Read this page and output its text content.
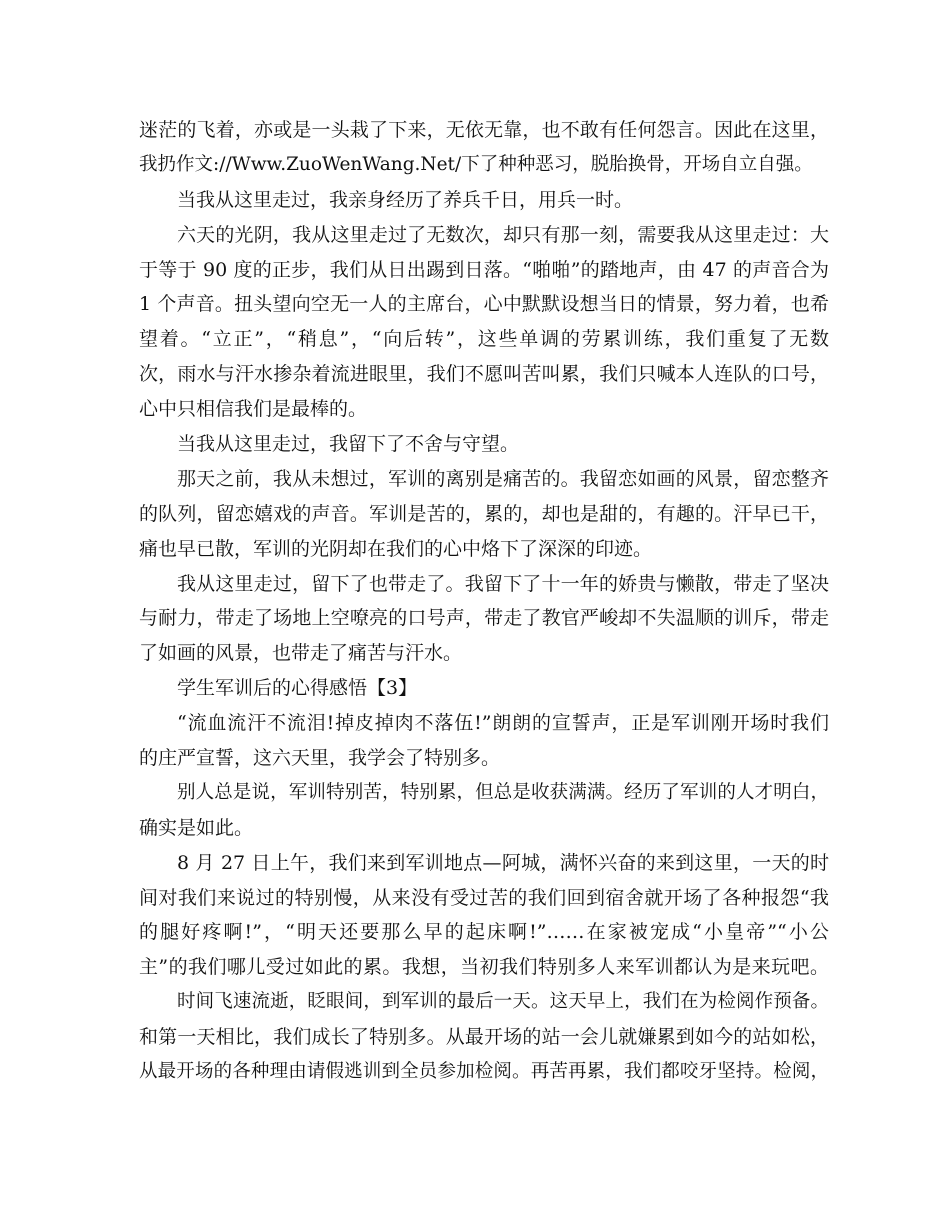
迷茫的飞着，亦或是一头栽了下来，无依无靠，也不敢有任何怨言。因此在这里，
我扔作文://Www.ZuoWenWang.Net/下了种种恶习，脱胎换骨，开场自立自强。
当我从这里走过，我亲身经历了养兵千日，用兵一时。
六天的光阴，我从这里走过了无数次，却只有那一刻，需要我从这里走过：大
于等于 90 度的正步，我们从日出踢到日落。“啪啪”的踏地声，由 47 的声音合为
1 个声音。扭头望向空无一人的主席台，心中默默设想当日的情景，努力着，也希
望着。“立正”，“稍息”，“向后转”，这些单调的劳累训练，我们重复了无数
次，雨水与汗水掺杂着流进眼里，我们不愿叫苦叫累，我们只喊本人连队的口号，
心中只相信我们是最棒的。
当我从这里走过，我留下了不舍与守望。
那天之前，我从未想过，军训的离别是痛苦的。我留恋如画的风景，留恋整齐
的队列，留恋嬉戏的声音。军训是苦的，累的，却也是甜的，有趣的。汗早已干，
痛也早已散，军训的光阴却在我们的心中烙下了深深的印迹。
我从这里走过，留下了也带走了。我留下了十一年的娇贵与懒散，带走了坚决
与耐力，带走了场地上空嘹亮的口号声，带走了教官严峻却不失温顺的训斥，带走
了如画的风景，也带走了痛苦与汗水。
学生军训后的心得感悟【3】
“流血流汗不流泪!掉皮掉肉不落伍!”朗朗的宣誓声，正是军训刚开场时我们
的庄严宣誓，这六天里，我学会了特别多。
别人总是说，军训特别苦，特别累，但总是收获满满。经历了军训的人才明白，
确实是如此。
8 月 27 日上午，我们来到军训地点—阿城，满怀兴奋的来到这里，一天的时
间对我们来说过的特别慢，从来没有受过苦的我们回到宿舍就开场了各种报怨“我
的腿好疼啊!”，“明天还要那么早的起床啊!”……在家被宠成“小皇帝”“小公
主”的我们哪儿受过如此的累。我想，当初我们特别多人来军训都认为是来玩吧。
时间飞速流逝，眨眼间，到军训的最后一天。这天早上，我们在为检阅作预备。
和第一天相比，我们成长了特别多。从最开场的站一会儿就嫌累到如今的站如松，
从最开场的各种理由请假逃训到全员参加检阅。再苦再累，我们都咬牙坚持。检阅，
